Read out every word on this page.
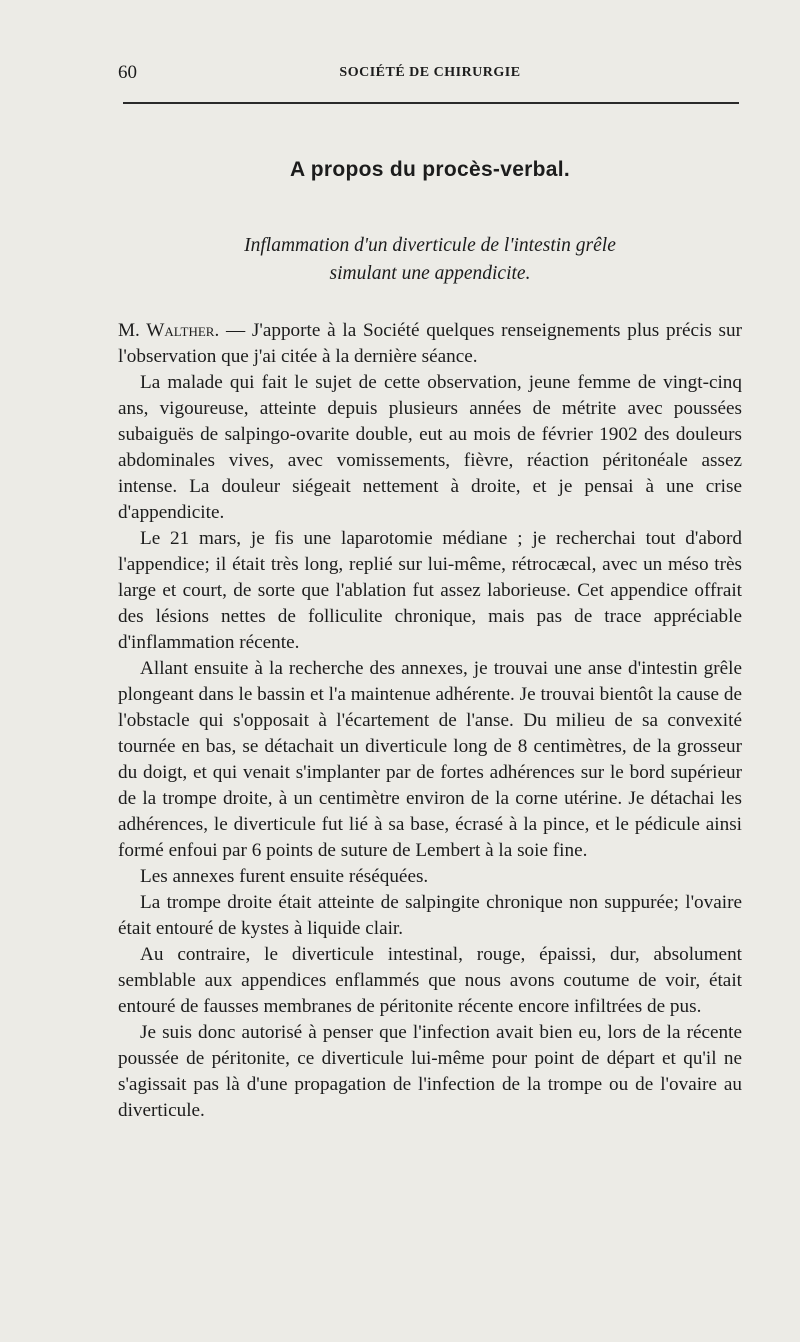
60	SOCIÉTÉ DE CHIRURGIE
A propos du procès-verbal.
Inflammation d'un diverticule de l'intestin grêle
simulant une appendicite.

M. Walther. — J'apporte à la Société quelques renseignements plus précis sur l'observation que j'ai citée à la dernière séance.

La malade qui fait le sujet de cette observation, jeune femme de vingt-cinq ans, vigoureuse, atteinte depuis plusieurs années de métrite avec poussées subaiguës de salpingo-ovarite double, eut au mois de février 1902 des douleurs abdominales vives, avec vomissements, fièvre, réaction péritonéale assez intense. La douleur siégeait nettement à droite, et je pensai à une crise d'appendicite.

Le 21 mars, je fis une laparotomie médiane ; je recherchai tout d'abord l'appendice; il était très long, replié sur lui-même, rétrocæcal, avec un méso très large et court, de sorte que l'ablation fut assez laborieuse. Cet appendice offrait des lésions nettes de folliculite chronique, mais pas de trace appréciable d'inflammation récente.

Allant ensuite à la recherche des annexes, je trouvai une anse d'intestin grêle plongeant dans le bassin et l'a maintenue adhérente. Je trouvai bientôt la cause de l'obstacle qui s'opposait à l'écartement de l'anse. Du milieu de sa convexité tournée en bas, se détachait un diverticule long de 8 centimètres, de la grosseur du doigt, et qui venait s'implanter par de fortes adhérences sur le bord supérieur de la trompe droite, à un centimètre environ de la corne utérine. Je détachai les adhérences, le diverticule fut lié à sa base, écrasé à la pince, et le pédicule ainsi formé enfoui par 6 points de suture de Lembert à la soie fine.

Les annexes furent ensuite réséquées.

La trompe droite était atteinte de salpingite chronique non suppurée; l'ovaire était entouré de kystes à liquide clair.

Au contraire, le diverticule intestinal, rouge, épaissi, dur, absolument semblable aux appendices enflammés que nous avons coutume de voir, était entouré de fausses membranes de péritonite récente encore infiltrées de pus.

Je suis donc autorisé à penser que l'infection avait bien eu, lors de la récente poussée de péritonite, ce diverticule lui-même pour point de départ et qu'il ne s'agissait pas là d'une propagation de l'infection de la trompe ou de l'ovaire au diverticule.
